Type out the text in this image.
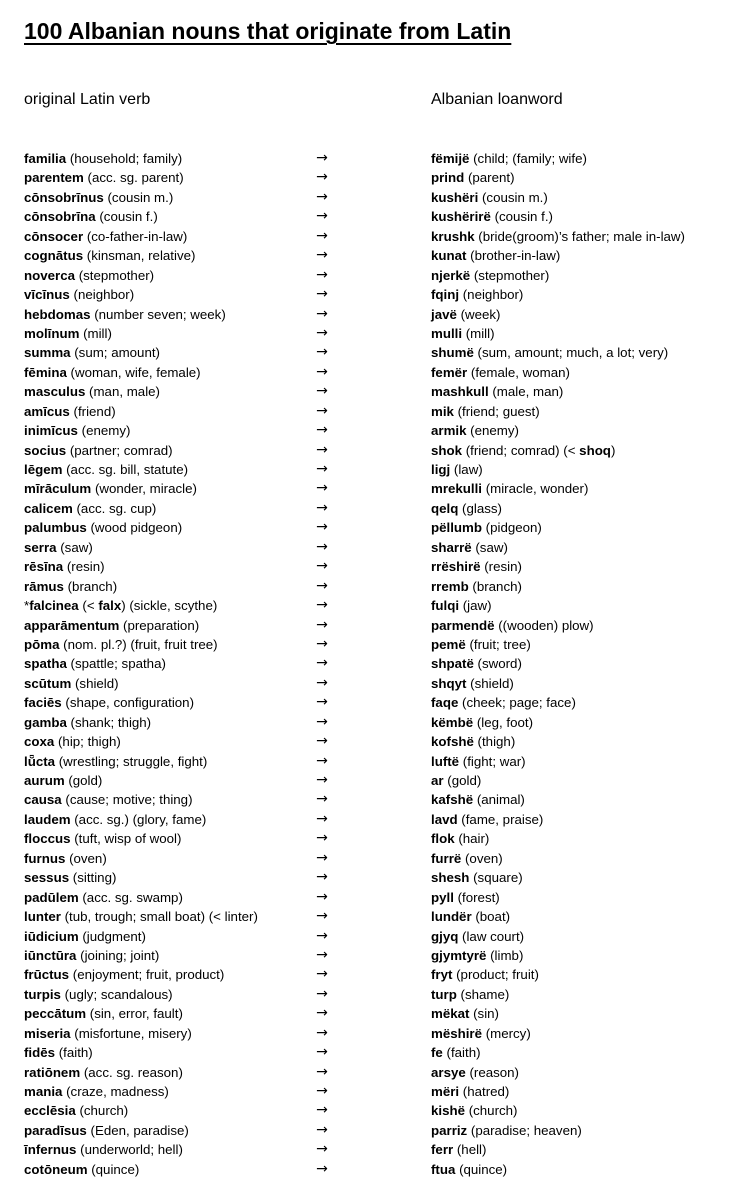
100 Albanian nouns that originate from Latin
original Latin verb	Albanian loanword
familia (household; family)	→	fëmijë (child; (family; wife)
parentem (acc. sg. parent)	→	prind (parent)
cōnsobrīnus (cousin m.)	→	kushëri (cousin m.)
cōnsobrīna (cousin f.)	→	kushërirë (cousin f.)
cōnsocer (co-father-in-law)	→	krushk (bride(groom)’s father; male in-law)
cognātus (kinsman, relative)	→	kunat (brother-in-law)
noverca (stepmother)	→	njerkë (stepmother)
vīcīnus (neighbor)	→	fqinj (neighbor)
hebdomas (number seven; week)	→	javë (week)
molīnum (mill)	→	mulli (mill)
summa (sum; amount)	→	shumë (sum, amount; much, a lot; very)
fēmina (woman, wife, female)	→	femër (female, woman)
masculus (man, male)	→	mashkull (male, man)
amīcus (friend)	→	mik (friend; guest)
inimīcus (enemy)	→	armik (enemy)
socius (partner; comrad)	→	shok (friend; comrad) (< shoq)
lēgem (acc. sg. bill, statute)	→	ligj (law)
mīrāculum (wonder, miracle)	→	mrekulli (miracle, wonder)
calicem (acc. sg. cup)	→	qelq (glass)
palumbus (wood pidgeon)	→	pëllumb (pidgeon)
serra (saw)	→	sharrë (saw)
rēsīna (resin)	→	rrëshirë (resin)
rāmus (branch)	→	rremb (branch)
*falcinea (< falx) (sickle, scythe)	→	fulqi (jaw)
apparāmentum (preparation)	→	parmendë ((wooden) plow)
pōma (nom. pl.?) (fruit, fruit tree)	→	pemë (fruit; tree)
spatha (spattle; spatha)	→	shpatë (sword)
scūtum (shield)	→	shqyt (shield)
faciēs (shape, configuration)	→	faqe (cheek; page; face)
gamba (shank; thigh)	→	këmbë (leg, foot)
coxa (hip; thigh)	→	kofshë (thigh)
lŭ̄cta (wrestling; struggle, fight)	→	luftë (fight; war)
aurum (gold)	→	ar (gold)
causa (cause; motive; thing)	→	kafshë (animal)
laudem (acc. sg.) (glory, fame)	→	lavd (fame, praise)
floccus (tuft, wisp of wool)	→	flok (hair)
furnus (oven)	→	furrë (oven)
sessus (sitting)	→	shesh (square)
padūlem (acc. sg. swamp)	→	pyll (forest)
lunter (tub, trough; small boat) (< linter)	→	lundër (boat)
iūdicium (judgment)	→	gjyq (law court)
iūnctūra (joining; joint)	→	gjymtyrë (limb)
frūctus (enjoyment; fruit, product)	→	fryt (product; fruit)
turpis (ugly; scandalous)	→	turp (shame)
peccātum (sin, error, fault)	→	mëkat (sin)
miseria (misfortune, misery)	→	mëshirë (mercy)
fidēs (faith)	→	fe (faith)
ratiōnem (acc. sg. reason)	→	arsye (reason)
mania (craze, madness)	→	mëri (hatred)
ecclēsia (church)	→	kishë (church)
paradīsus (Eden, paradise)	→	parriz (paradise; heaven)
īnfernus (underworld; hell)	→	ferr (hell)
cotōneum (quince)	→	ftua (quince)
